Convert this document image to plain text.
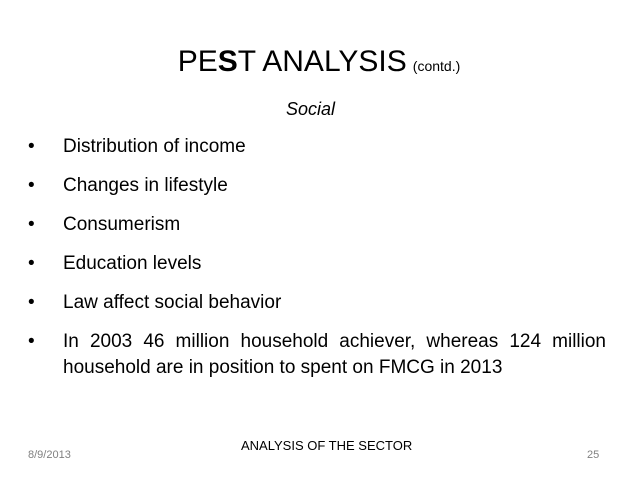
PEST ANALYSIS (contd.)
Social
• Distribution of income
• Changes in lifestyle
• Consumerism
• Education levels
• Law affect social behavior
• In 2003 46 million household achiever, whereas 124 million household are in position to spent on FMCG in 2013
8/9/2013
ANALYSIS OF THE SECTOR
25
